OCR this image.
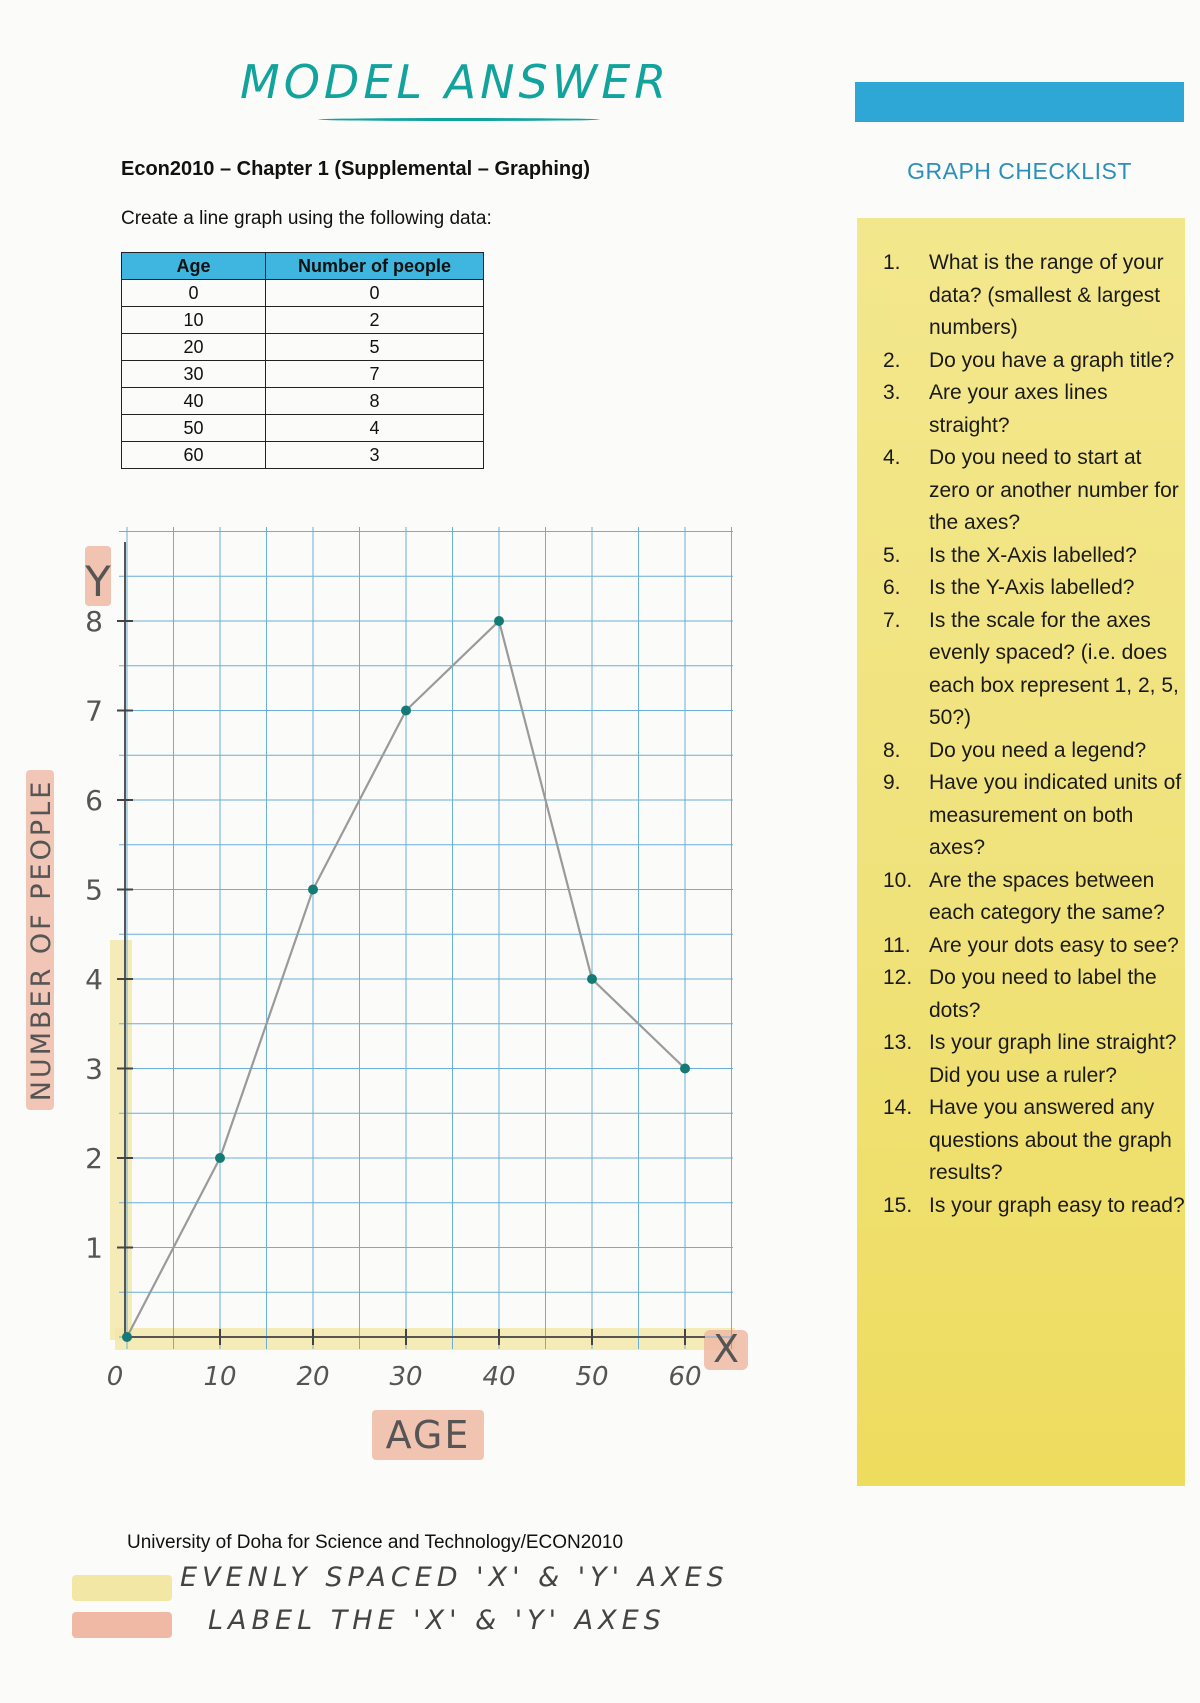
MODEL ANSWER
Econ2010 – Chapter 1 (Supplemental – Graphing)
Create a line graph using the following data:
Age	Number of people
0	0
10	2
20	5
30	7
40	8
50	4
60	3
GRAPH CHECKLIST
1.	What is the range of your data? (smallest & largest numbers)
2.	Do you have a graph title?
3.	Are your axes lines straight?
4.	Do you need to start at zero or another number for the axes?
5.	Is the X-Axis labelled?
6.	Is the Y-Axis labelled?
7.	Is the scale for the axes evenly spaced? (i.e. does each box represent 1, 2, 5, 50?)
8.	Do you need a legend?
9.	Have you indicated units of measurement on both axes?
10. Are the spaces between each category the same?
11. Are your dots easy to see?
12. Do you need to label the dots?
13. Is your graph line straight? Did you use a ruler?
14. Have you answered any questions about the graph results?
15. Is your graph easy to read?
1
2
3
4
5
6
7
8
0	10 20 30 40 50 60
AGE
NUMBER OF PEOPLE
X
Y
University of Doha for Science and Technology/ECON2010
EVENLY SPACED 'X' & 'Y' AXES
LABEL THE 'X' & 'Y' AXES
